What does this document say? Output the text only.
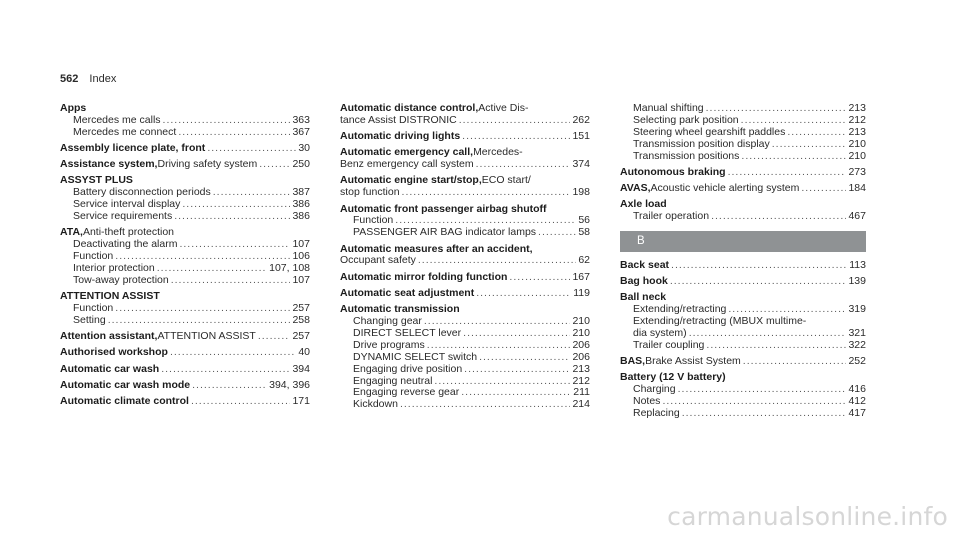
562 Index
Apps
Mercedes me calls .....	363
Mercedes me connect .....	367
Assembly licence plate, front .....	30
Assistance system, Driving safety system .....	250
ASSYST PLUS
Battery disconnection periods .....	387
Service interval display .....	386
Service requirements .....	386
ATA, Anti-theft protection
Deactivating the alarm .....	107
Function .....	106
Interior protection .....	107, 108
Tow-away protection .....	107
ATTENTION ASSIST
Function .....	257
Setting .....	258
Attention assistant, ATTENTION ASSIST .....	257
Authorised workshop .....	40
Automatic car wash .....	394
Automatic car wash mode .....	394, 396
Automatic climate control .....	171
Automatic distance control, Active Dis-
tance Assist DISTRONIC .....	262
Automatic driving lights .....	151
Automatic emergency call, Mercedes-
Benz emergency call system .....	374
Automatic engine start/stop, ECO start/
stop function .....	198
Automatic front passenger airbag shutoff
Function .....	56
PASSENGER AIR BAG indicator lamps .....	58
Automatic measures after an accident,
Occupant safety .....	62
Automatic mirror folding function .....	167
Automatic seat adjustment .....	119
Automatic transmission
Changing gear .....	210
DIRECT SELECT lever .....	210
Drive programs .....	206
DYNAMIC SELECT switch .....	206
Engaging drive position .....	213
Engaging neutral .....	212
Engaging reverse gear .....	211
Kickdown .....	214
Manual shifting .....	213
Selecting park position .....	212
Steering wheel gearshift paddles .....	213
Transmission position display .....	210
Transmission positions .....	210
Autonomous braking .....	273
AVAS, Acoustic vehicle alerting system .....	184
Axle load
Trailer operation .....	467
B
Back seat .....	113
Bag hook .....	139
Ball neck
Extending/retracting .....	319
Extending/retracting (MBUX multime-
dia system) .....	321
Trailer coupling .....	322
BAS, Brake Assist System .....	252
Battery (12 V battery)
Charging .....	416
Notes .....	412
Replacing .....	417
carmanualsonline.info
